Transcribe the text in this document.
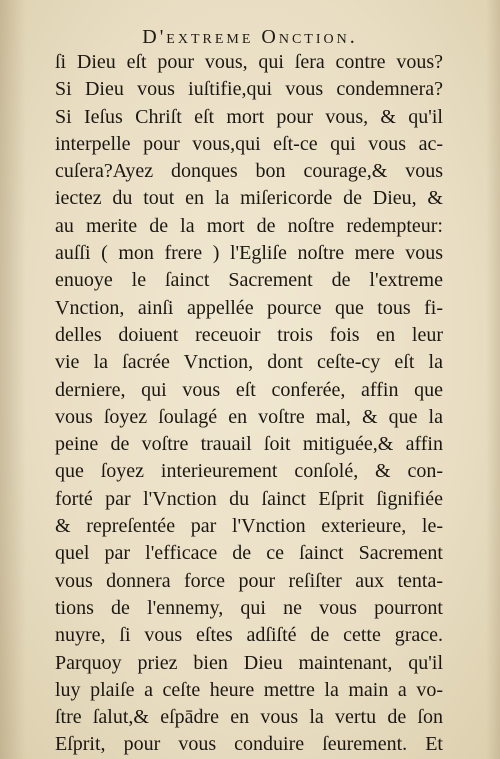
D'extreme Onction.
ſi Dieu eſt pour vous, qui ſera contre vous?
Si Dieu vous iuſtifie,qui vous condemnera?
Si Ieſus Chriſt eſt mort pour vous, & qu'il
interpelle pour vous,qui eſt-ce qui vous ac-
cuſera?Ayez donques bon courage,& vous
iectez du tout en la miſericorde de Dieu, &
au merite de la mort de noſtre redempteur:
auſſi ( mon frere ) l'Egliſe noſtre mere vous
enuoye le ſainct Sacrement de l'extreme
Vnction, ainſi appellée pource que tous fi-
delles doiuent receuoir trois fois en leur
vie la ſacrée Vnction, dont ceſte-cy eſt la
derniere, qui vous eſt conferée, affin que
vous ſoyez ſoulagé en voſtre mal, & que la
peine de voſtre trauail ſoit mitiguée,& affin
que ſoyez interieurement conſolé, & con-
forté par l'Vnction du ſainct Eſprit ſignifiée
& repreſentée par l'Vnction exterieure, le-
quel par l'efficace de ce ſainct Sacrement
vous donnera force pour reſiſter aux tenta-
tions de l'ennemy, qui ne vous pourront
nuyre, ſi vous eſtes adſiſté de cette grace.
Parquoy priez bien Dieu maintenant, qu'il
luy plaiſe a ceſte heure mettre la main a vo-
ſtre ſalut,& eſpādre en vous la vertu de ſon
Eſprit, pour vous conduire ſeurement. Et
